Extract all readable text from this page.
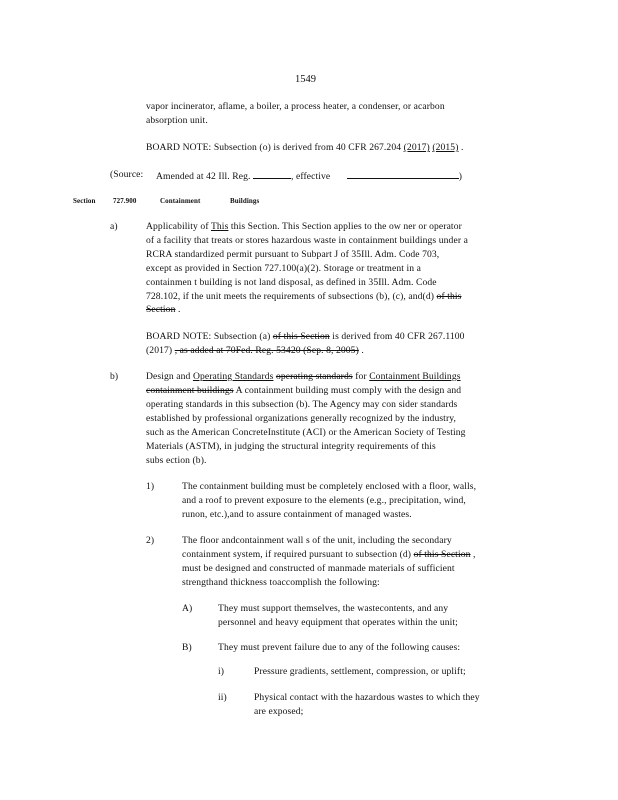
1549
vapor incinerator, aflame, a boiler, a process heater, a condenser, or acarbon
absorption unit.
BOARD NOTE: Subsection (o) is derived from 40 CFR 267.204 (2017) (2015) .
(Source: Amended at 42 Ill. Reg.	, effective	)
Section	727.900	Containment	Buildings
a)	Applicability of This this Section. This Section applies to the ow ner or operator
of a facility that treats or stores hazardous waste in containment buildings under a
RCRA standardized permit pursuant to Subpart J of 35Ill. Adm. Code 703,
except as provided in Section 727.100(a)(2). Storage or treatment in a
containmen t building is not land disposal, as defined in 35Ill. Adm. Code
728.102, if the unit meets the requirements of subsections (b), (c), and(d) of this
Section .
BOARD NOTE: Subsection (a) of this Section is derived from 40 CFR 267.1100
(2017) , as added at 70Fed. Reg. 53420 (Sep. 8, 2005) .
b)	Design and Operating Standards operating standards for Containment Buildings
containment buildings A containment building must comply with the design and
operating standards in this subsection (b). The Agency may con sider standards
established by professional organizations generally recognized by the industry,
such as the American ConcreteInstitute (ACI) or the American Society of Testing
Materials (ASTM), in judging the structural integrity requirements of this
subs ection (b).
1)	The containment building must be completely enclosed with a floor, walls,
and a roof to prevent exposure to the elements (e.g., precipitation, wind,
runon, etc.),and to assure containment of managed wastes.
2)	The floor andcontainment wall s of the unit, including the secondary
containment system, if required pursuant to subsection (d) of this Section ,
must be designed and constructed of manmade materials of sufficient
strengthand thickness toaccomplish the following:
A)	They must support themselves, the wastecontents, and any
personnel and heavy equipment that operates within the unit;
B)	They must prevent failure due to any of the following causes:
i)	Pressure gradients, settlement, compression, or uplift;
ii)	Physical contact with the hazardous wastes to which they
are exposed;
